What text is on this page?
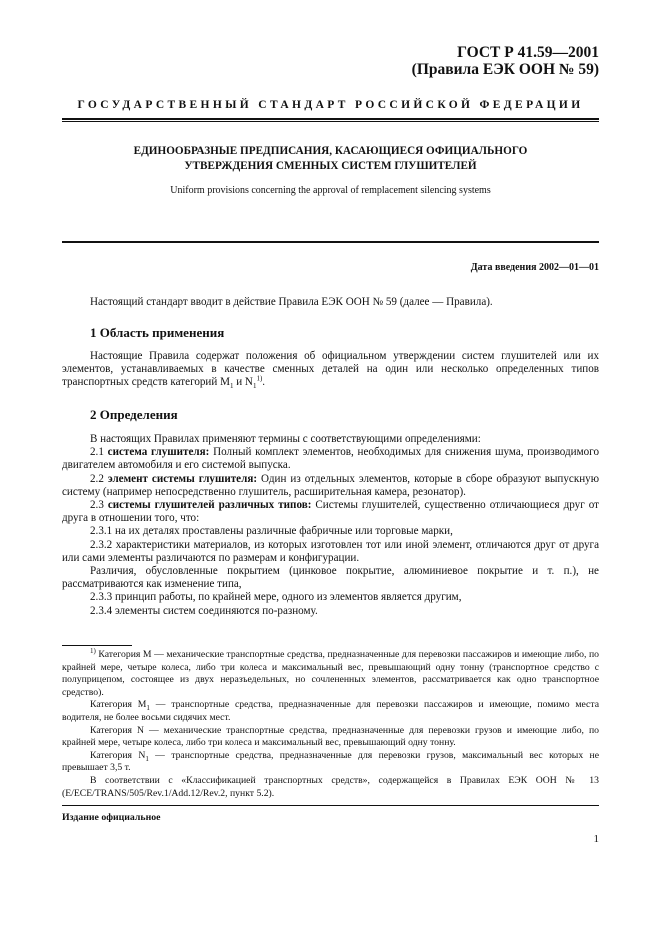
ГОСТ Р 41.59—2001
(Правила ЕЭК ООН № 59)
ГОСУДАРСТВЕННЫЙ СТАНДАРТ РОССИЙСКОЙ ФЕДЕРАЦИИ
ЕДИНООБРАЗНЫЕ ПРЕДПИСАНИЯ, КАСАЮЩИЕСЯ ОФИЦИАЛЬНОГО
УТВЕРЖДЕНИЯ СМЕННЫХ СИСТЕМ ГЛУШИТЕЛЕЙ
Uniform provisions concerning the approval of remplacement silencing systems
Дата введения 2002—01—01

Настоящий стандарт вводит в действие Правила ЕЭК ООН № 59 (далее — Правила).

1 Область применения

Настоящие Правила содержат положения об официальном утверждении систем глушителей или их элементов, устанавливаемых в качестве сменных деталей на один или несколько определенных типов транспортных средств категорий $M_1$ и $N_1^{1)}$.

2 Определения

В настоящих Правилах применяют термины с соответствующими определениями:

2.1 система глушителя: Полный комплект элементов, необходимых для снижения шума, производимого двигателем автомобиля и его системой выпуска.

2.2 элемент системы глушителя: Один из отдельных элементов, которые в сборе образуют выпускную систему (например непосредственно глушитель, расширительная камера, резонатор).

2.3 системы глушителей различных типов: Системы глушителей, существенно отличающиеся друг от друга в отношении того, что:

2.3.1 на их деталях проставлены различные фабричные или торговые марки,

2.3.2 характеристики материалов, из которых изготовлен тот или иной элемент, отличаются друг от друга или сами элементы различаются по размерам и конфигурации.

Различия, обусловленные покрытием (цинковое покрытие, алюминиевое покрытие и т. п.), не рассматриваются как изменение типа,

2.3.3 принцип работы, по крайней мере, одного из элементов является другим,

2.3.4 элементы систем соединяются по-разному.

$^{1)}$ Категория M — механические транспортные средства, предназначенные для перевозки пассажиров и имеющие либо, по крайней мере, четыре колеса, либо три колеса и максимальный вес, превышающий одну тонну (транспортное средство с полуприцепом, состоящее из двух неразъедельных, но сочлененных элементов, рассматривается как одно транспортное средство).

Категория $M_1$ — транспортные средства, предназначенные для перевозки пассажиров и имеющие, помимо места водителя, не более восьми сидячих мест.

Категория N — механические транспортные средства, предназначенные для перевозки грузов и имеющие либо, по крайней мере, четыре колеса, либо три колеса и максимальный вес, превышающий одну тонну.

Категория $N_1$ — транспортные средства, предназначенные для перевозки грузов, максимальный вес которых не превышает 3,5 т.

В соответствии с «Классификацией транспортных средств», содержащейся в Правилах ЕЭК ООН № 13 (E/ECE/TRANS/505/Rev.1/Add.12/Rev.2, пункт 5.2).

Издание официальное
1
